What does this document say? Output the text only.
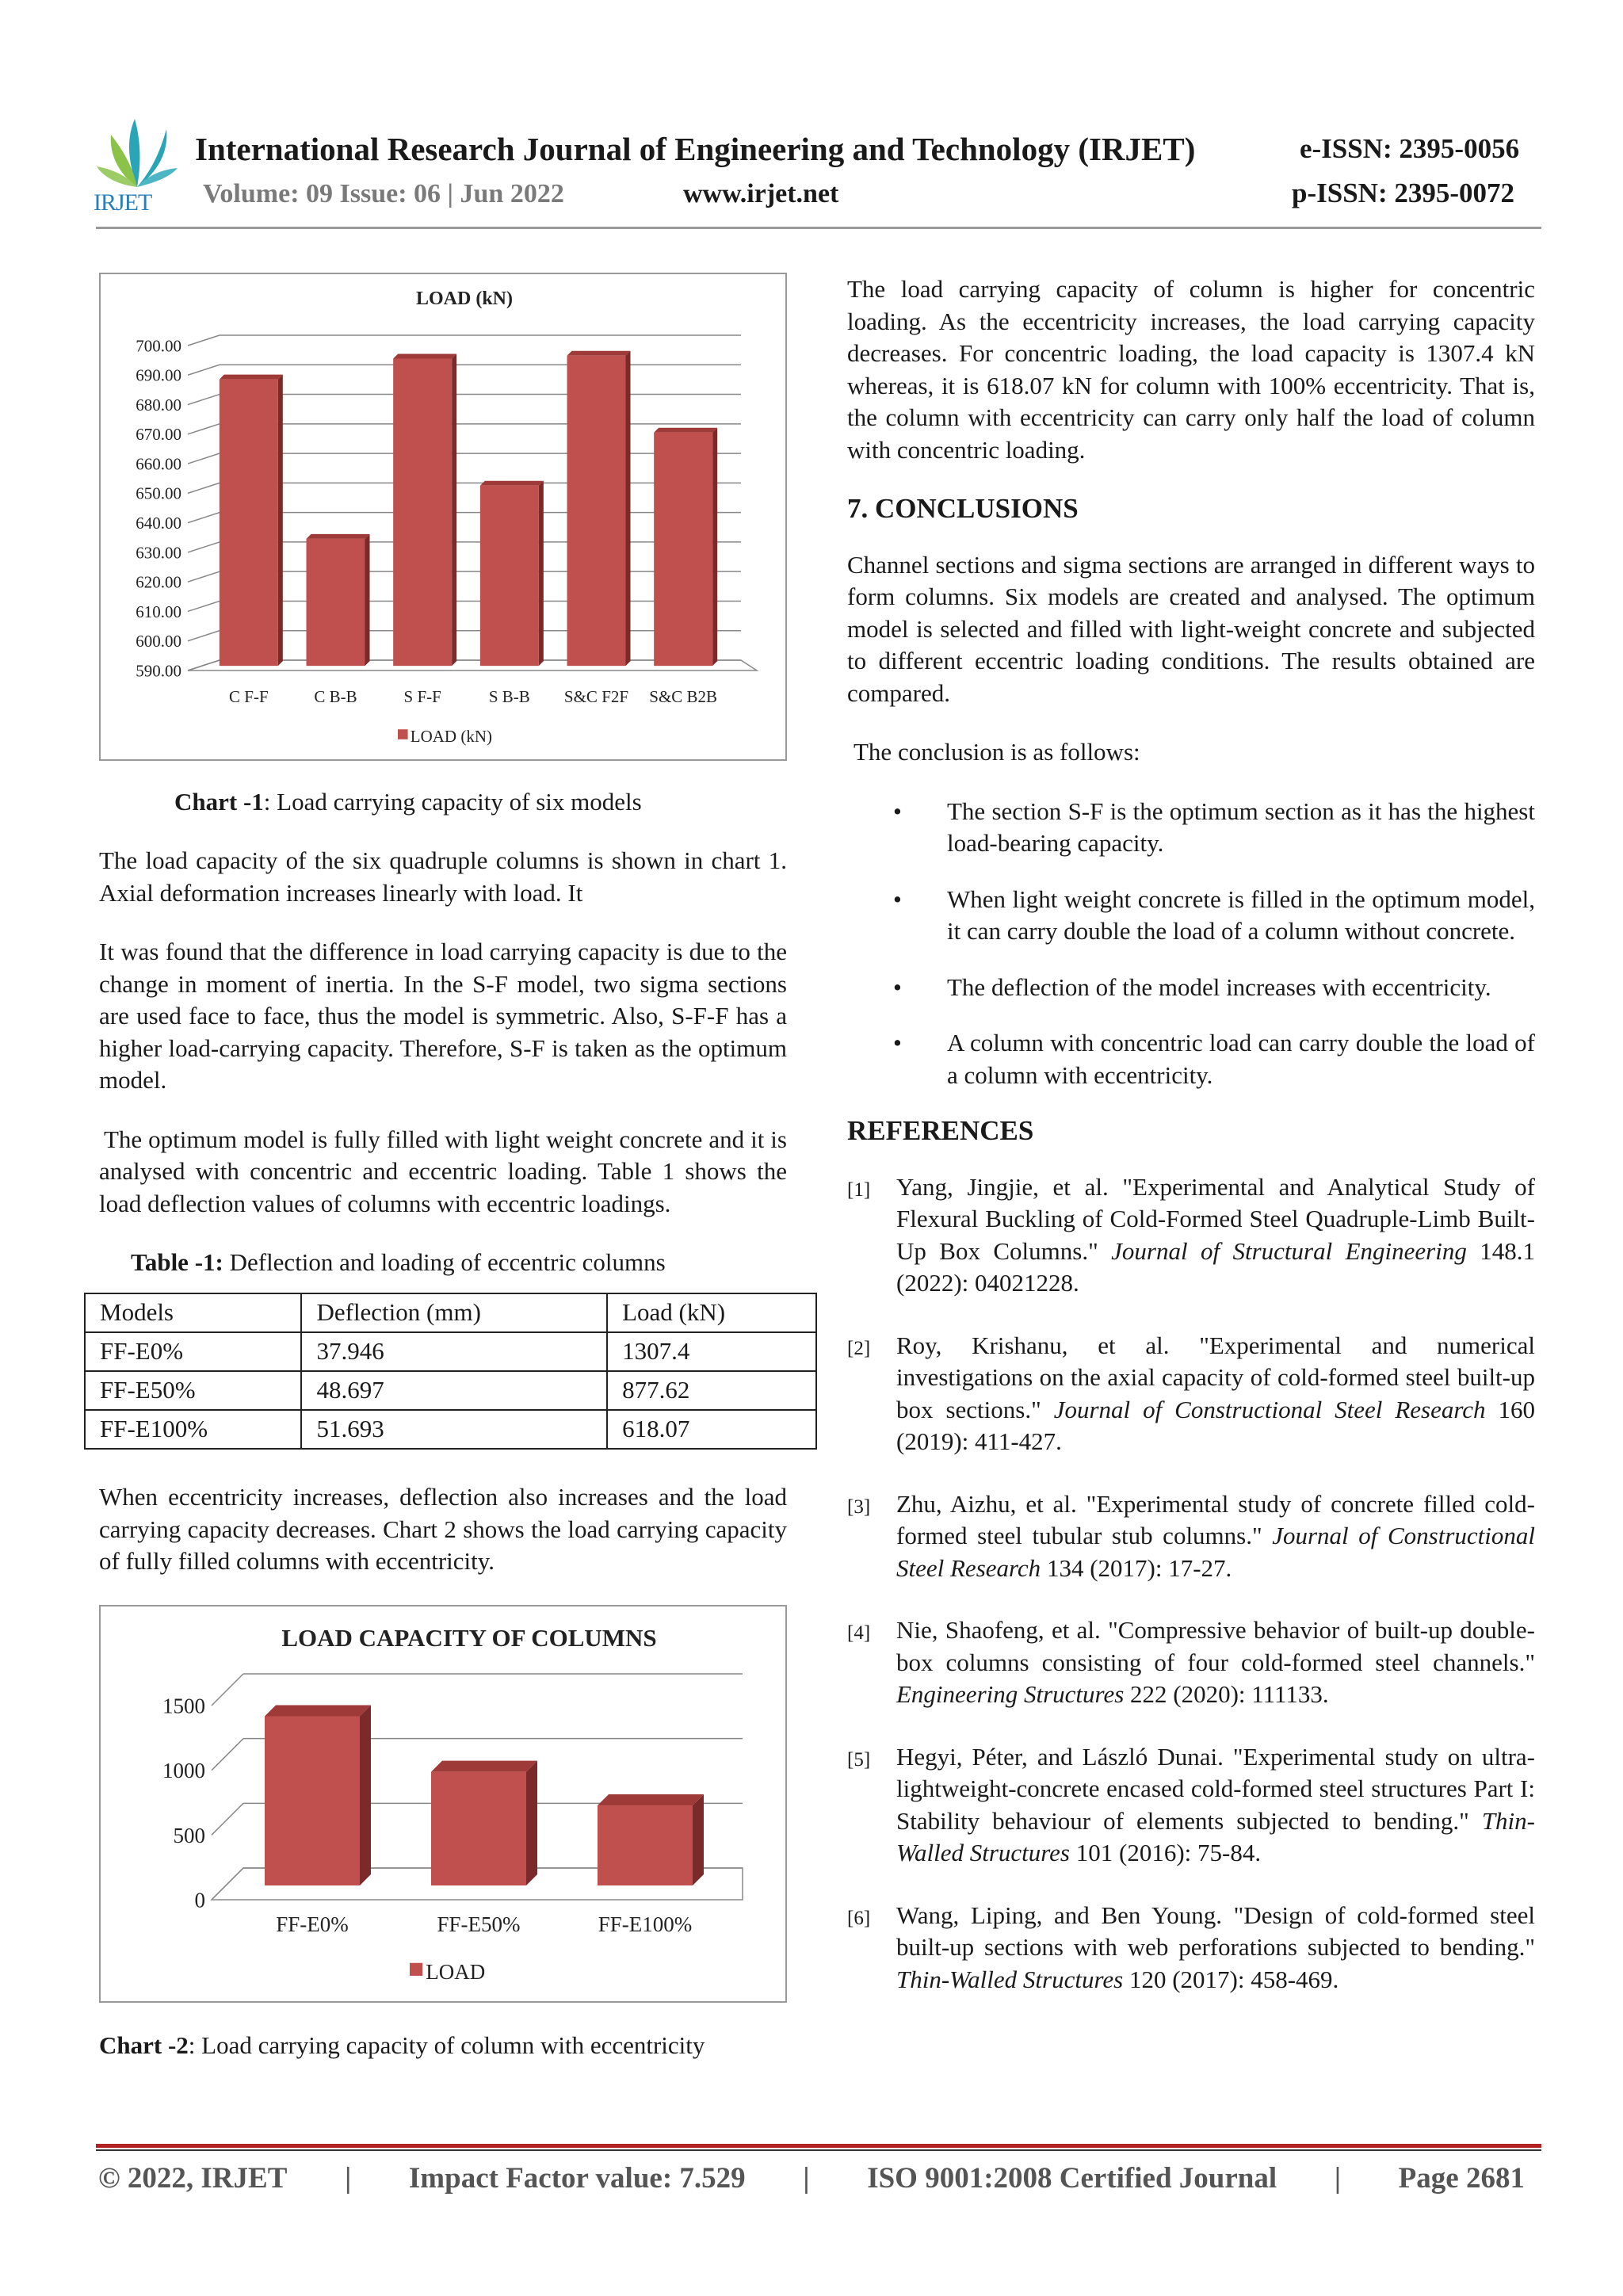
IRJET
International Research Journal of Engineering and Technology (IRJET)
Volume: 09 Issue: 06 | Jun 2022	www.irjet.net
e-ISSN: 2395-0056
p-ISSN: 2395-0072
LOAD (kN)
590.00
600.00
610.00
620.00
630.00
640.00
650.00
660.00
670.00
680.00
690.00
700.00
C F-F	C B-B	S F-F	S B-B S&C F2F S&C B2B
LOAD (kN)
Chart -1: Load carrying capacity of six models

The load capacity of the six quadruple columns is shown in chart 1. Axial deformation increases linearly with load. It

It was found that the difference in load carrying capacity is due to the change in moment of inertia. In the S-F model, two sigma sections are used face to face, thus the model is symmetric. Also, S-F-F has a higher load-carrying capacity. Therefore, S-F is taken as the optimum model.

The optimum model is fully filled with light weight concrete and it is analysed with concentric and eccentric loading. Table 1 shows the load deflection values of columns with eccentric loadings.

Table -1: Deflection and loading of eccentric columns
Models	Deflection (mm)	Load (kN)
FF-E0%	37.946	1307.4
FF-E50%	48.697	877.62
FF-E100%	51.693	618.07

When eccentricity increases, deflection also increases and the load carrying capacity decreases. Chart 2 shows the load carrying capacity of fully filled columns with eccentricity.

LOAD CAPACITY OF COLUMNS
0
500
1000
1500
FF-E0%	FF-E50%	FF-E100%
LOAD
Chart -2: Load carrying capacity of column with eccentricity

The load carrying capacity of column is higher for concentric loading. As the eccentricity increases, the load carrying capacity decreases. For concentric loading, the load capacity is 1307.4 kN whereas, it is 618.07 kN for column with 100% eccentricity. That is, the column with eccentricity can carry only half the load of column with concentric loading.

7. CONCLUSIONS

Channel sections and sigma sections are arranged in different ways to form columns. Six models are created and analysed. The optimum model is selected and filled with light-weight concrete and subjected to different eccentric loading conditions. The results obtained are compared.

The conclusion is as follows:

• The section S-F is the optimum section as it has the highest load-bearing capacity.
• When light weight concrete is filled in the optimum model, it can carry double the load of a column without concrete.
• The deflection of the model increases with eccentricity.
• A column with concentric load can carry double the load of a column with eccentricity.
REFERENCES
[1] Yang, Jingjie, et al. "Experimental and Analytical Study of Flexural Buckling of Cold-Formed Steel Quadruple-Limb Built-Up Box Columns." Journal of Structural Engineering 148.1 (2022): 04021228.
[2] Roy, Krishanu, et al. "Experimental and numerical investigations on the axial capacity of cold-formed steel built-up box sections." Journal of Constructional Steel Research 160 (2019): 411-427.
[3] Zhu, Aizhu, et al. "Experimental study of concrete filled cold-formed steel tubular stub columns." Journal of Constructional Steel Research 134 (2017): 17-27.
[4] Nie, Shaofeng, et al. "Compressive behavior of built-up double-box columns consisting of four cold-formed steel channels." Engineering Structures 222 (2020): 111133.
[5] Hegyi, Péter, and László Dunai. "Experimental study on ultra-lightweight-concrete encased cold-formed steel structures Part I: Stability behaviour of elements subjected to bending." Thin-Walled Structures 101 (2016): 75-84.
[6] Wang, Liping, and Ben Young. "Design of cold-formed steel built-up sections with web perforations subjected to bending." Thin-Walled Structures 120 (2017): 458-469.
© 2022, IRJET | Impact Factor value: 7.529 | ISO 9001:2008 Certified Journal | Page 2681
